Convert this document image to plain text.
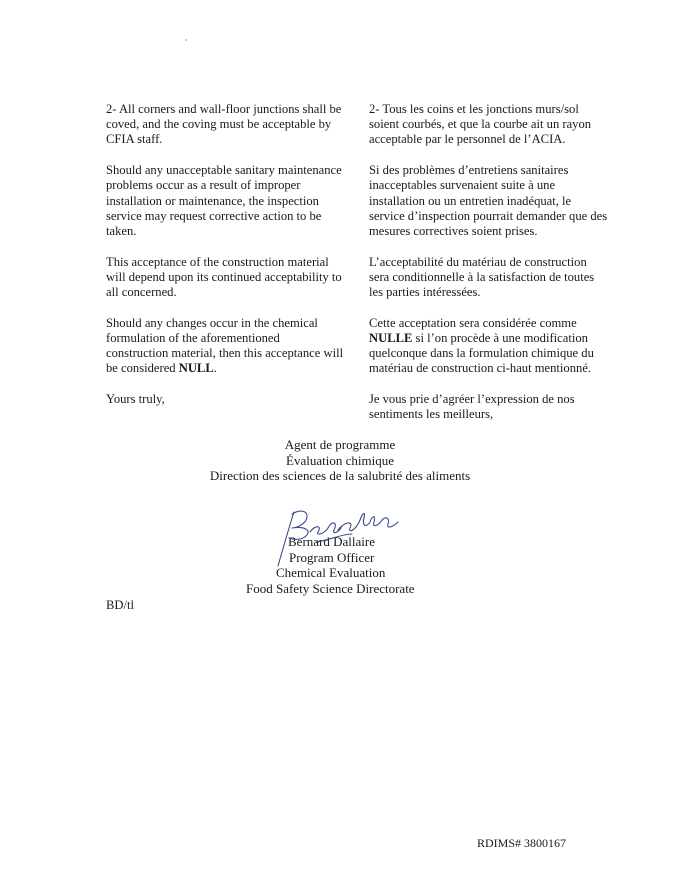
2- All corners and wall-floor junctions shall be coved, and the coving must be acceptable by CFIA staff.

Should any unacceptable sanitary maintenance problems occur as a result of improper installation or maintenance, the inspection service may request corrective action to be taken.

This acceptance of the construction material will depend upon its continued acceptability to all concerned.

Should any changes occur in the chemical formulation of the aforementioned construction material, then this acceptance will be considered NULL.

Yours truly,

2- Tous les coins et les jonctions murs/sol soient courbés, et que la courbe ait un rayon acceptable par le personnel de l’ACIA.

Si des problèmes d’entretiens sanitaires inacceptables survenaient suite à une installation ou un entretien inadéquat, le service d’inspection pourrait demander que des mesures correctives soient prises.

L’acceptabilité du matériau de construction sera conditionnelle à la satisfaction de toutes les parties intéressées.

Cette acceptation sera considérée comme NULLE si l’on procède à une modification quelconque dans la formulation chimique du matériau de construction ci-haut mentionné.

Je vous prie d’agréer l’expression de nos sentiments les meilleurs,

Agent de programme
Évaluation chimique
Direction des sciences de la salubrité des aliments
Bernard Dallaire
Program Officer
Chemical Evaluation
Food Safety Science Directorate
BD/tl
RDIMS# 3800167
